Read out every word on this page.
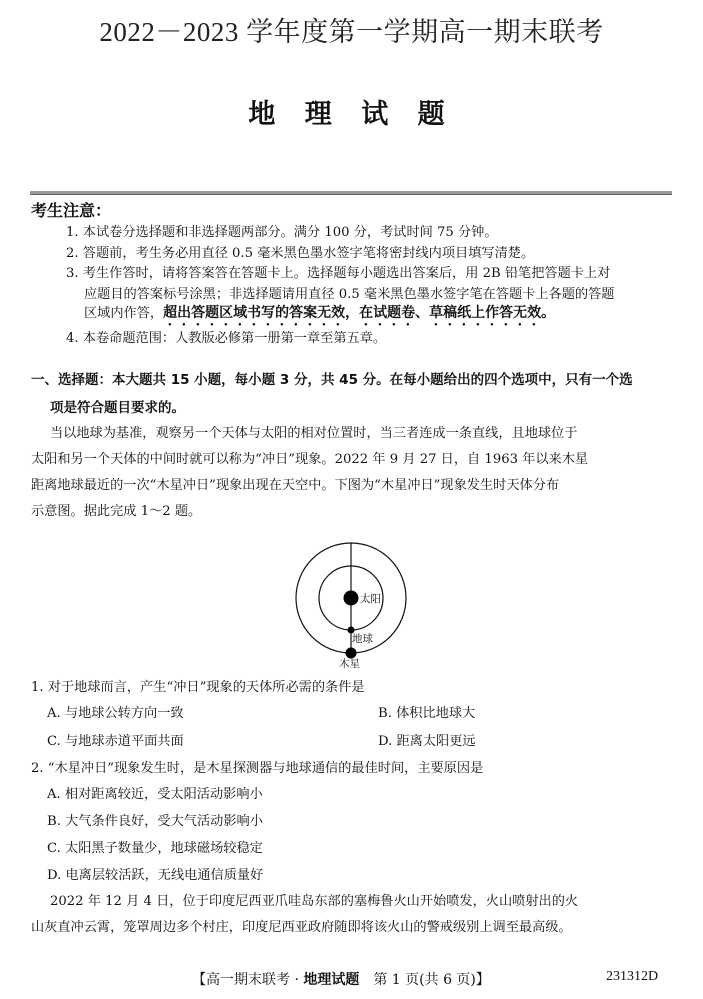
2022－2023 学年度第一学期高一期末联考
地 理 试 题
考生注意：
1. 本试卷分选择题和非选择题两部分。满分 100 分，考试时间 75 分钟。
2. 答题前，考生务必用直径 0.5 毫米黑色墨水签字笔将密封线内项目填写清楚。
3. 考生作答时，请将答案答在答题卡上。选择题每小题选出答案后，用 2B 铅笔把答题卡上对
应题目的答案标号涂黑；非选择题请用直径 0.5 毫米黑色墨水签字笔在答题卡上各题的答题
区域内作答，超出答题区域书写的答案无效，在试题卷、草稿纸上作答无效。
4. 本卷命题范围：人教版必修第一册第一章至第五章。
一、选择题：本大题共 15 小题，每小题 3 分，共 45 分。在每小题给出的四个选项中，只有一个选
项是符合题目要求的。
当以地球为基准，观察另一个天体与太阳的相对位置时，当三者连成一条直线，且地球位于
太阳和另一个天体的中间时就可以称为“冲日”现象。2022 年 9 月 27 日，自 1963 年以来木星
距离地球最近的一次“木星冲日”现象出现在天空中。下图为“木星冲日”现象发生时天体分布
示意图。据此完成 1～2 题。
太阳
地球
木星
1. 对于地球而言，产生“冲日”现象的天体所必需的条件是
A. 与地球公转方向一致	B. 体积比地球大
C. 与地球赤道平面共面	D. 距离太阳更远
2. “木星冲日”现象发生时，是木星探测器与地球通信的最佳时间，主要原因是
A. 相对距离较近，受太阳活动影响小
B. 大气条件良好，受大气活动影响小
C. 太阳黑子数量少，地球磁场较稳定
D. 电离层较活跃，无线电通信质量好
2022 年 12 月 4 日，位于印度尼西亚爪哇岛东部的塞梅鲁火山开始喷发，火山喷射出的火
山灰直冲云霄，笼罩周边多个村庄，印度尼西亚政府随即将该火山的警戒级别上调至最高级。
【高一期末联考 · 地理试题　第 1 页(共 6 页)】	231312D
